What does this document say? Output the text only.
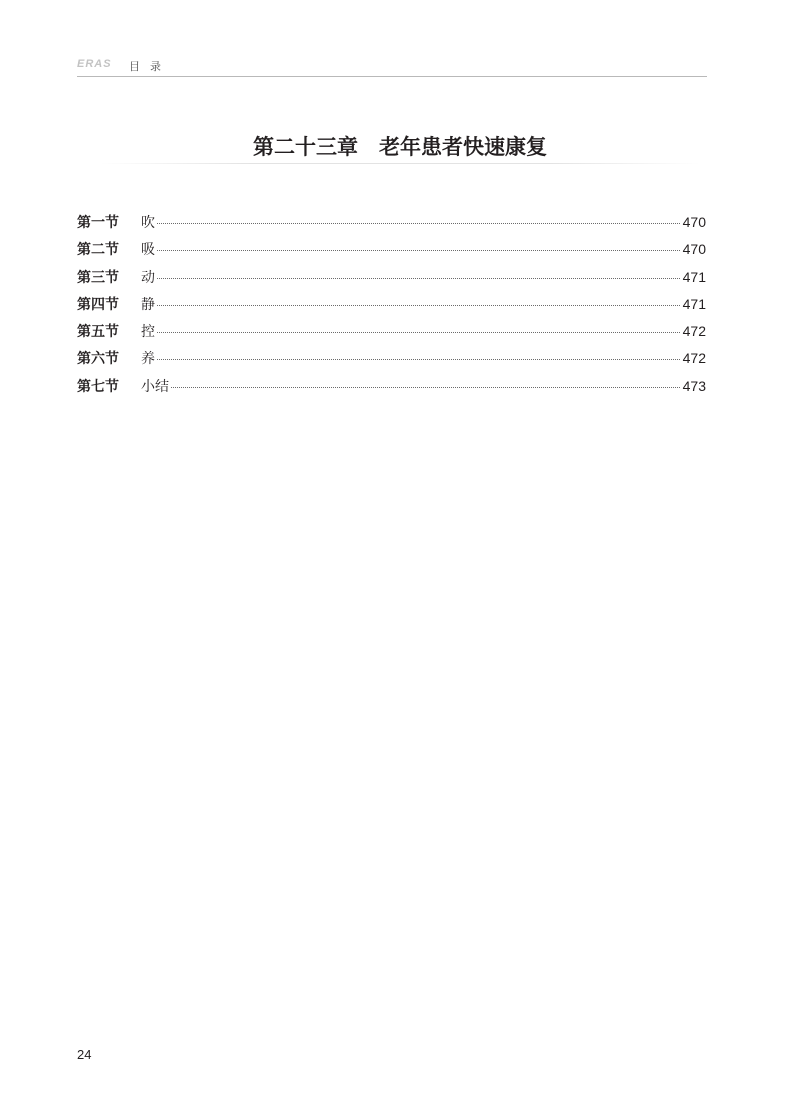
ERAS 目录
第二十三章　老年患者快速康复
第一节	吹	470
第二节	吸	470
第三节	动	471
第四节	静	471
第五节	控	472
第六节	养	472
第七节	小结	473
24
